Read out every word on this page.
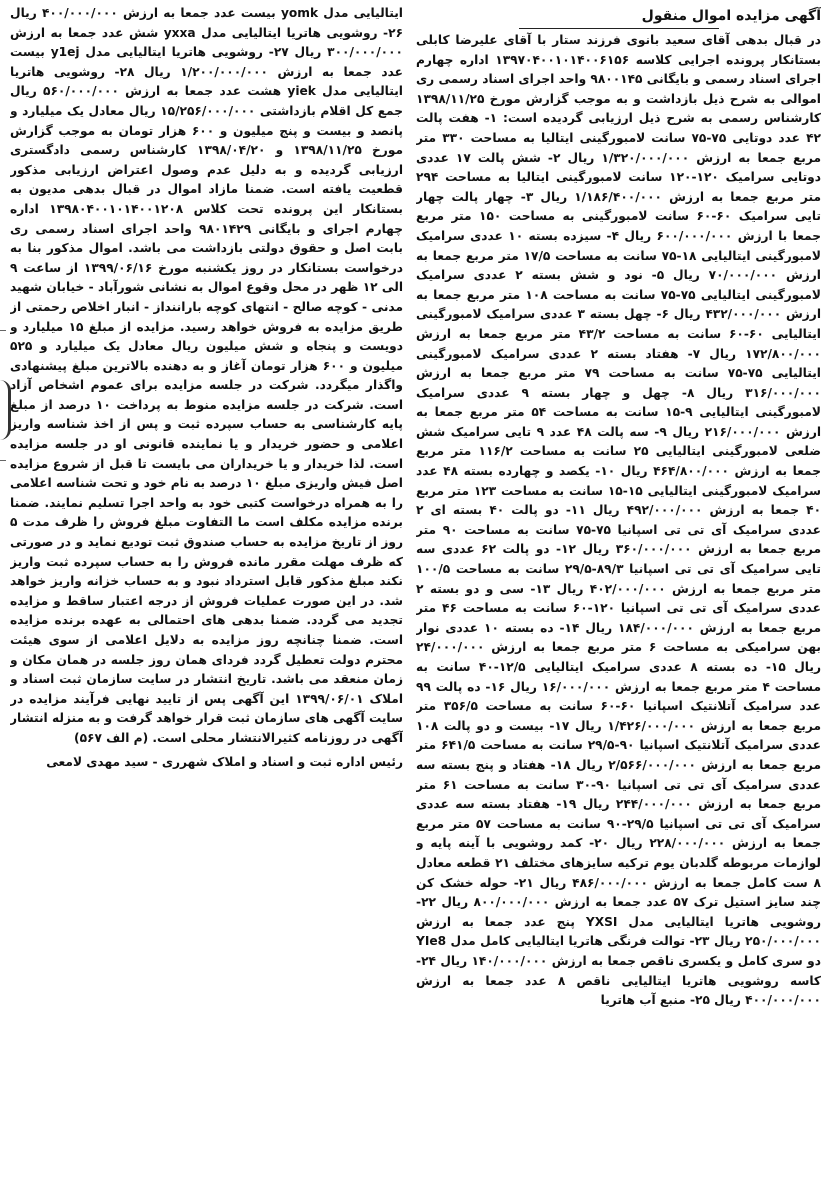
آگهی مزایده اموال منقول
در قبال بدهی آقای سعید بانوی فرزند ستار با آقای علیرضا کابلی بستانکار پرونده اجرایی کلاسه ۱۳۹۷۰۴۰۰۱۰۱۴۰۰۶۱۵۶ اداره چهارم اجرای اسناد رسمی و بایگانی ۹۸۰۰۱۴۵ واحد اجرای اسناد رسمی ری اموالی به شرح ذیل بازداشت و به موجب گزارش مورخ ۱۳۹۸/۱۱/۲۵ کارشناس رسمی به شرح ذیل ارزیابی گردیده است: ۱- هفت پالت ۴۲ عدد دوتایی ۷۵-۷۵ سانت لامبورگینی ایتالیا به مساحت ۳۳۰ متر مربع جمعا به ارزش ۱/۳۲۰/۰۰۰/۰۰۰ ریال ۲- شش پالت ۱۷ عددی دوتایی سرامیک ۱۲۰-۱۲۰ سانت لامبورگینی ایتالیا به مساحت ۲۹۴ متر مربع جمعا به ارزش ۱/۱۸۶/۴۰۰/۰۰۰ ریال ۳- چهار پالت چهار تایی سرامیک ۶۰-۶۰ سانت لامبورگینی به مساحت ۱۵۰ متر مربع جمعا با ارزش ۶۰۰/۰۰۰/۰۰۰ ریال ۴- سیزده بسته ۱۰ عددی سرامیک لامبورگینی ایتالیایی ۱۸-۷۵ سانت به مساحت ۱۷/۵ متر مربع جمعا به ارزش ۷۰/۰۰۰/۰۰۰ ریال ۵- نود و شش بسته ۲ عددی سرامیک لامبورگینی ایتالیایی ۷۵-۷۵ سانت به مساحت ۱۰۸ متر مربع جمعا به ارزش ۴۳۲/۰۰۰/۰۰۰ ریال ۶- چهل بسته ۳ عددی سرامیک لامبورگینی ایتالیایی ۶۰-۶۰ سانت به مساحت ۴۳/۲ متر مربع جمعا به ارزش ۱۷۲/۸۰۰/۰۰۰ ریال ۷- هفتاد بسته ۲ عددی سرامیک لامبورگینی ایتالیایی ۷۵-۷۵ سانت به مساحت ۷۹ متر مربع جمعا به ارزش ۳۱۶/۰۰۰/۰۰۰ ریال ۸- چهل و چهار بسته ۹ عددی سرامیک لامبورگینی ایتالیایی ۹-۱۵ سانت به مساحت ۵۴ متر مربع جمعا به ارزش ۲۱۶/۰۰۰/۰۰۰ ریال ۹- سه پالت ۴۸ عدد ۹ تایی سرامیک شش ضلعی لامبورگینی ایتالیایی ۲۵ سانت به مساحت ۱۱۶/۲ متر مربع جمعا به ارزش ۴۶۴/۸۰۰/۰۰۰ ریال ۱۰- یکصد و چهارده بسته ۴۸ عدد سرامیک لامبورگینی ایتالیایی ۱۵-۱۵ سانت به مساحت ۱۲۳ متر مربع ۴۰ جمعا به ارزش ۴۹۲/۰۰۰/۰۰۰ ریال ۱۱- دو پالت ۴۰ بسته ای ۲ عددی سرامیک آی تی تی اسپانیا ۷۵-۷۵ سانت به مساحت ۹۰ متر مربع جمعا به ارزش ۳۶۰/۰۰۰/۰۰۰ ریال ۱۲- دو پالت ۶۲ عددی سه تایی سرامیک آی تی تی اسپانیا ۸۹/۳-۲۹/۵ سانت به مساحت ۱۰۰/۵ متر مربع جمعا به ارزش ۴۰۲/۰۰۰/۰۰۰ ریال ۱۳- سی و دو بسته ۲ عددی سرامیک آی تی تی اسپانیا ۱۲۰-۶۰ سانت به مساحت ۴۶ متر مربع جمعا به ارزش ۱۸۴/۰۰۰/۰۰۰ ریال ۱۴- ده بسته ۱۰ عددی نوار بهن سرامیکی به مساحت ۶ متر مربع جمعا به ارزش ۲۴/۰۰۰/۰۰۰ ریال ۱۵- ده بسته ۸ عددی سرامیک ایتالیایی ۱۲/۵-۴۰ سانت به مساحت ۴ متر مربع جمعا به ارزش ۱۶/۰۰۰/۰۰۰ ریال ۱۶- ده پالت ۹۹ عدد سرامیک آتلانتیک اسپانیا ۶۰-۶۰ سانت به مساحت ۳۵۶/۵ متر مربع جمعا به ارزش ۱/۴۲۶/۰۰۰/۰۰۰ ریال ۱۷- بیست و دو پالت ۱۰۸ عددی سرامیک آتلانتیک اسپانیا ۹۰-۲۹/۵ سانت به مساحت ۶۴۱/۵ متر مربع جمعا به ارزش ۲/۵۶۶/۰۰۰/۰۰۰ ریال ۱۸- هفتاد و پنج بسته سه عددی سرامیک آی تی تی اسپانیا ۹۰-۳۰ سانت به مساحت ۶۱ متر مربع جمعا به ارزش ۲۴۴/۰۰۰/۰۰۰ ریال ۱۹- هفتاد بسته سه عددی سرامیک آی تی تی اسپانیا ۲۹/۵-۹۰ سانت به مساحت ۵۷ متر مربع جمعا به ارزش ۲۲۸/۰۰۰/۰۰۰ ریال ۲۰- کمد روشویی با آینه پایه و لوازمات مربوطه گلدبان یوم ترکیه سایزهای مختلف ۲۱ قطعه معادل ۸ ست کامل جمعا به ارزش ۴۸۶/۰۰۰/۰۰۰ ریال ۲۱- حوله خشک کن چند سایز استیل ترک ۵۷ عدد جمعا به ارزش ۸۰۰/۰۰۰/۰۰۰ ریال ۲۲- روشویی هاتریا ایتالیایی مدل YXSI پنج عدد جمعا به ارزش ۲۵۰/۰۰۰/۰۰۰ ریال ۲۳- توالت فرنگی هاتریا ایتالیایی کامل مدل YIe8 دو سری کامل و یکسری ناقص جمعا به ارزش ۱۴۰/۰۰۰/۰۰۰ ریال ۲۴- کاسه روشویی هاتریا ایتالیایی ناقص ۸ عدد جمعا به ارزش ۴۰۰/۰۰۰/۰۰۰ ریال ۲۵- منبع آب هاتریا
ایتالیایی مدل yomk بیست عدد جمعا به ارزش ۴۰۰/۰۰۰/۰۰۰ ریال ۲۶- روشویی هاتریا ایتالیایی مدل yxxa شش عدد جمعا به ارزش ۳۰۰/۰۰۰/۰۰۰ ریال ۲۷- روشویی هاتریا ایتالیایی مدل y1ej بیست عدد جمعا به ارزش ۱/۲۰۰/۰۰۰/۰۰۰ ریال ۲۸- روشویی هاتریا ایتالیایی مدل yiek هشت عدد جمعا به ارزش ۵۶۰/۰۰۰/۰۰۰ ریال جمع کل اقلام بازداشتی ۱۵/۲۵۶/۰۰۰/۰۰۰ ریال معادل یک میلیارد و پانصد و بیست و پنج میلیون و ۶۰۰ هزار تومان به موجب گزارش مورخ ۱۳۹۸/۱۱/۲۵ و ۱۳۹۸/۰۴/۲۰ کارشناس رسمی دادگستری ارزیابی گردیده و به دلیل عدم وصول اعتراض ارزیابی مذکور قطعیت یافته است. ضمنا مازاد اموال در قبال بدهی مدیون به بستانکار این پرونده تحت کلاس ۱۳۹۸۰۴۰۰۱۰۱۴۰۰۱۲۰۸ اداره چهارم اجرای و بایگانی ۹۸۰۱۴۲۹ واحد اجرای اسناد رسمی ری بابت اصل و حقوق دولتی بازداشت می باشد. اموال مذکور بنا به درخواست بستانکار در روز یکشنبه مورخ ۱۳۹۹/۰۶/۱۶ از ساعت ۹ الی ۱۲ ظهر در محل وقوع اموال به نشانی شورآباد - خیابان شهید مدنی - کوچه صالح - انتهای کوچه باراننداز - انبار اخلاص رحمتی از طریق مزایده به فروش خواهد رسید. مزایده از مبلغ ۱۵ میلیارد و دویست و پنجاه و شش میلیون ریال معادل یک میلیارد و ۵۲۵ میلیون و ۶۰۰ هزار تومان آغاز و به دهنده بالاترین مبلغ پیشنهادی واگذار میگردد. شرکت در جلسه مزایده برای عموم اشخاص آزاد است. شرکت در جلسه مزایده منوط به پرداخت ۱۰ درصد از مبلغ پایه کارشناسی به حساب سپرده ثبت و پس از اخذ شناسه واریز اعلامی و حضور خریدار و یا نماینده قانونی او در جلسه مزایده است. لذا خریدار و یا خریداران می بایست تا قبل از شروع مزایده اصل فیش واریزی مبلغ ۱۰ درصد به نام خود و تحت شناسه اعلامی را به همراه درخواست کتبی خود به واحد اجرا تسلیم نمایند. ضمنا برنده مزایده مکلف است ما التفاوت مبلغ فروش را ظرف مدت ۵ روز از تاریخ مزایده به حساب صندوق ثبت تودیع نماید و در صورتی که ظرف مهلت مقرر مانده فروش را به حساب سپرده ثبت واریز نکند مبلغ مذکور قابل استرداد نبود و به حساب خزانه واریز خواهد شد. در این صورت عملیات فروش از درجه اعتبار ساقط و مزایده تجدید می گردد. ضمنا بدهی های احتمالی به عهده برنده مزایده است. ضمنا چنانچه روز مزایده به دلایل اعلامی از سوی هیئت محترم دولت تعطیل گردد فردای همان روز جلسه در همان مکان و زمان منعقد می باشد. تاریخ انتشار در سایت سازمان ثبت اسناد و املاک ۱۳۹۹/۰۶/۰۱ این آگهی پس از تایید نهایی فرآیند مزایده در سایت آگهی های سازمان ثبت قرار خواهد گرفت و به منزله انتشار آگهی در روزنامه کثیرالانتشار محلی است. (م الف ۵۶۷)
رئیس اداره ثبت و اسناد و املاک شهرری - سید مهدی لامعی
